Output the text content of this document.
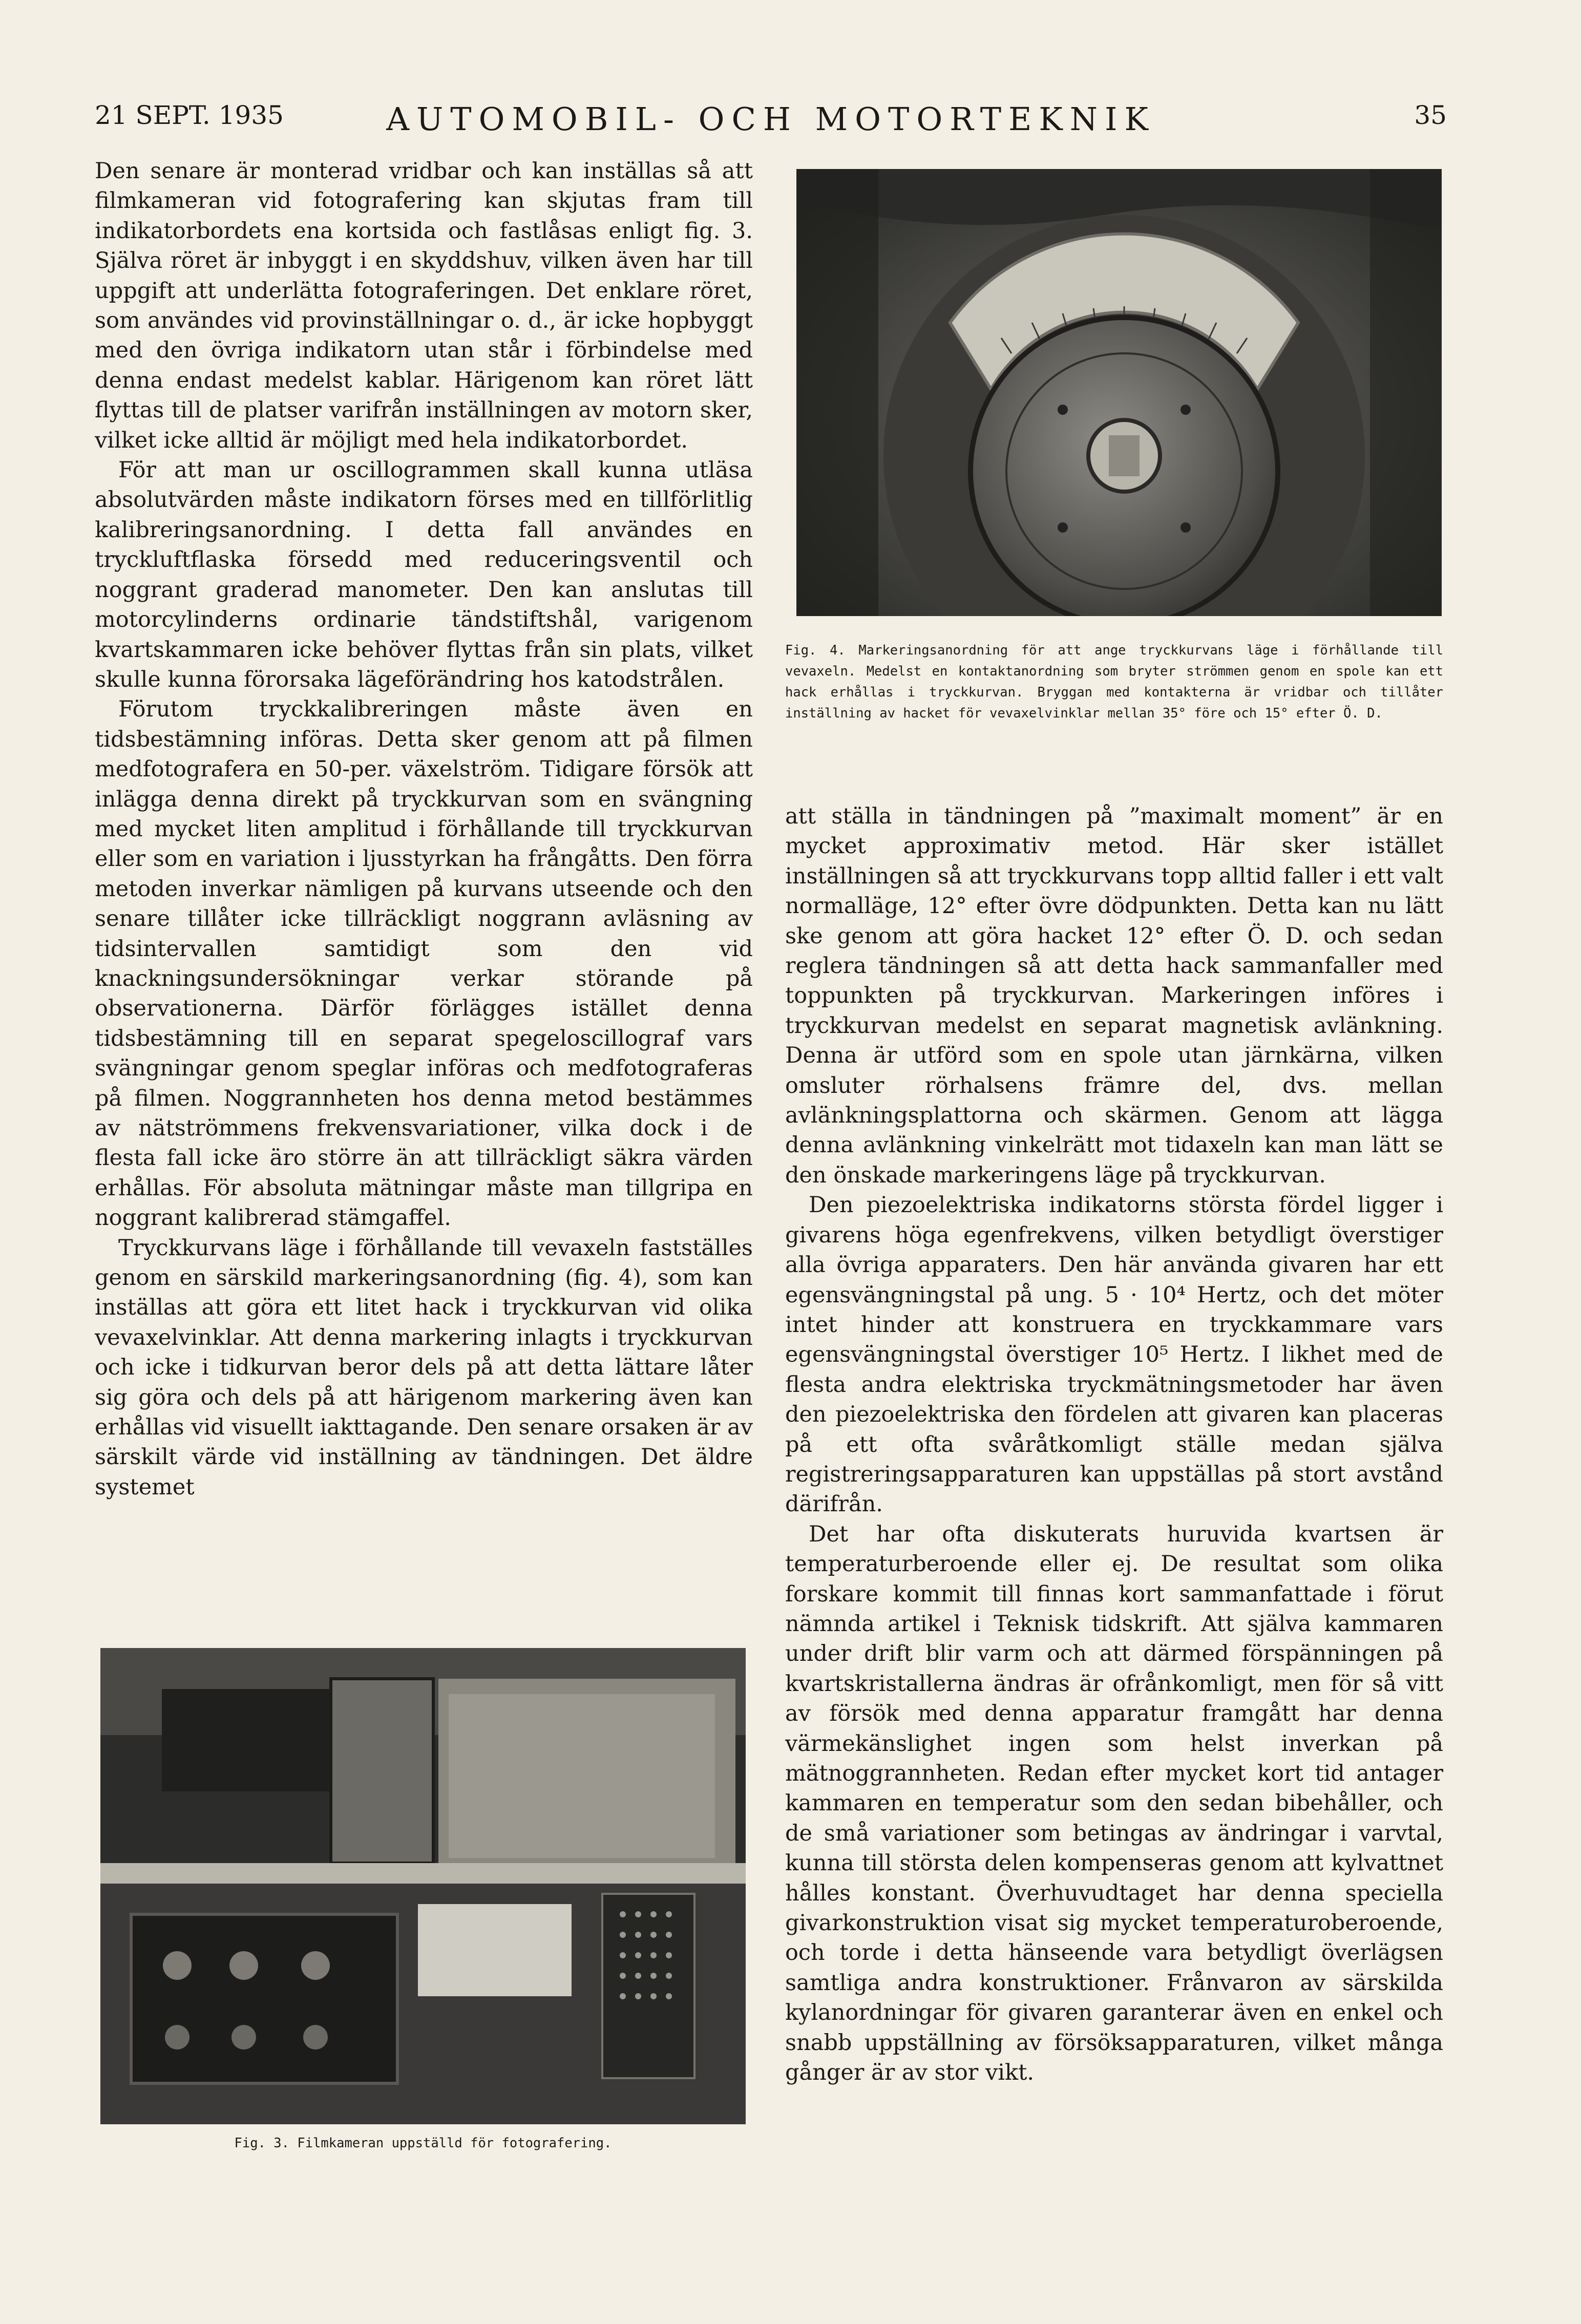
21 SEPT. 1935	AUTOMOBIL- OCH MOTORTEKNIK	35

Den senare är monterad vridbar och kan inställas så att filmkameran vid fotografering kan skjutas fram till indikatorbordets ena kortsida och fastlåsas enligt fig. 3. Själva röret är inbyggt i en skyddshuv, vilken även har till uppgift att underlätta fotograferingen. Det enklare röret, som användes vid provinställningar o. d., är icke hopbyggt med den övriga indikatorn utan står i förbindelse med denna endast medelst kablar. Härigenom kan röret lätt flyttas till de platser varifrån inställningen av motorn sker, vilket icke alltid är möjligt med hela indikatorbordet.

För att man ur oscillogrammen skall kunna utläsa absolutvärden måste indikatorn förses med en tillförlitlig kalibreringsanordning. I detta fall användes en tryckluftflaska försedd med reduceringsventil och noggrant graderad manometer. Den kan anslutas till motorcylinderns ordinarie tändstiftshål, varigenom kvartskammaren icke behöver flyttas från sin plats, vilket skulle kunna förorsaka lägeförändring hos katodstrålen.

Förutom tryckkalibreringen måste även en tidsbestämning införas. Detta sker genom att på filmen medfotografera en 50-per. växelström. Tidigare försök att inlägga denna direkt på tryckkurvan som en svängning med mycket liten amplitud i förhållande till tryckkurvan eller som en variation i ljusstyrkan ha frångåtts. Den förra metoden inverkar nämligen på kurvans utseende och den senare tillåter icke tillräckligt noggrann avläsning av tidsintervallen samtidigt som den vid knackningsundersökningar verkar störande på observationerna. Därför förlägges istället denna tidsbestämning till en separat spegeloscillograf vars svängningar genom speglar införas och medfotograferas på filmen. Noggrannheten hos denna metod bestämmes av nätströmmens frekvensvariationer, vilka dock i de flesta fall icke äro större än att tillräckligt säkra värden erhållas. För absoluta mätningar måste man tillgripa en noggrant kalibrerad stämgaffel.

Tryckkurvans läge i förhållande till vevaxeln fastställes genom en särskild markeringsanordning (fig. 4), som kan inställas att göra ett litet hack i tryckkurvan vid olika vevaxelvinklar. Att denna markering inlagts i tryckkurvan och icke i tidkurvan beror dels på att detta lättare låter sig göra och dels på att härigenom markering även kan erhållas vid visuellt iakttagande. Den senare orsaken är av särskilt värde vid inställning av tändningen. Det äldre systemet

Fig. 4. Markeringsanordning för att ange tryckkurvans läge i förhållande till vevaxeln. Medelst en kontaktanordning som bryter strömmen genom en spole kan ett hack erhållas i tryckkurvan. Bryggan med kontakterna är vridbar och tillåter inställning av hacket för vevaxelvinklar mellan 35° före och 15° efter Ö. D.

att ställa in tändningen på ”maximalt moment” är en mycket approximativ metod. Här sker istället inställningen så att tryckkurvans topp alltid faller i ett valt normalläge, 12° efter övre dödpunkten. Detta kan nu lätt ske genom att göra hacket 12° efter Ö. D. och sedan reglera tändningen så att detta hack sammanfaller med toppunkten på tryckkurvan. Markeringen införes i tryckkurvan medelst en separat magnetisk avlänkning. Denna är utförd som en spole utan järnkärna, vilken omsluter rörhalsens främre del, dvs. mellan avlänkningsplattorna och skärmen. Genom att lägga denna avlänkning vinkelrätt mot tidaxeln kan man lätt se den önskade markeringens läge på tryckkurvan.

Den piezoelektriska indikatorns största fördel ligger i givarens höga egenfrekvens, vilken betydligt överstiger alla övriga apparaters. Den här använda givaren har ett egensvängningstal på ung. 5 · 10⁴ Hertz, och det möter intet hinder att konstruera en tryckkammare vars egensvängningstal överstiger 10⁵ Hertz. I likhet med de flesta andra elektriska tryckmätningsmetoder har även den piezoelektriska den fördelen att givaren kan placeras på ett ofta svåråtkomligt ställe medan själva registreringsapparaturen kan uppställas på stort avstånd därifrån.

Det har ofta diskuterats huruvida kvartsen är temperaturberoende eller ej. De resultat som olika forskare kommit till finnas kort sammanfattade i förut nämnda artikel i Teknisk tidskrift. Att själva kammaren under drift blir varm och att därmed förspänningen på kvartskristallerna ändras är ofrånkomligt, men för så vitt av försök med denna apparatur framgått har denna värmekänslighet ingen som helst inverkan på mätnoggrannheten. Redan efter mycket kort tid antager kammaren en temperatur som den sedan bibehåller, och de små variationer som betingas av ändringar i varvtal, kunna till största delen kompenseras genom att kylvattnet hålles konstant. Överhuvudtaget har denna speciella givarkonstruktion visat sig mycket temperaturoberoende, och torde i detta hänseende vara betydligt överlägsen samtliga andra konstruktioner. Frånvaron av särskilda kylanordningar för givaren garanterar även en enkel och snabb uppställning av försöksapparaturen, vilket många gånger är av stor vikt.

Fig. 3. Filmkameran uppställd för fotografering.
